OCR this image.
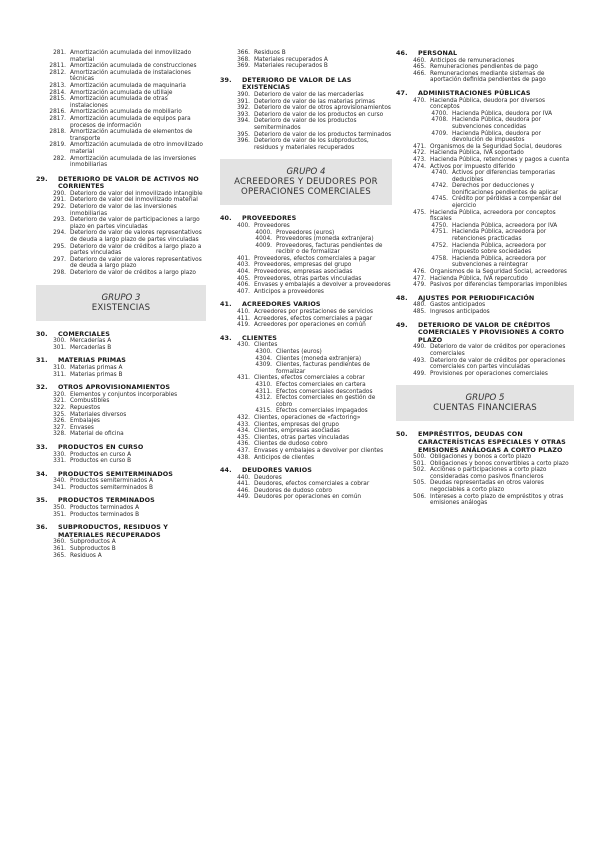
281. Amortización acumulada del inmovilizado material
2811. Amortización acumulada de construcciones
2812. Amortización acumulada de instalaciones técnicas
2813. Amortización acumulada de maquinaria
2814. Amortización acumulada de utillaje
2815. Amortización acumulada de otras instalaciones
2816. Amortización acumulada de mobiliario
2817. Amortización acumulada de equipos para procesos de información
2818. Amortización acumulada de elementos de transporte
2819. Amortización acumulada de otro inmovilizado material
282. Amortización acumulada de las inversiones inmobiliarias
29.	DETERIORO DE VALOR DE ACTIVOS NO CORRIENTES
290. Deterioro de valor del inmovilizado intangible
291. Deterioro de valor del inmovilizado material
292. Deterioro de valor de las inversiones inmobiliarias
293. Deterioro de valor de participaciones a largo plazo en partes vinculadas
294. Deterioro de valor de valores representativos de deuda a largo plazo de partes vinculadas
295. Deterioro de valor de créditos a largo plazo a partes vinculadas
297. Deterioro de valor de valores representativos de deuda a largo plazo
298. Deterioro de valor de créditos a largo plazo
GRUPO 3
EXISTENCIAS
30.	COMERCIALES
300. Mercaderías A
301. Mercaderías B
31.	MATERIAS PRIMAS
310. Materias primas A
311. Materias primas B
32.	OTROS APROVISIONAMIENTOS
320. Elementos y conjuntos incorporables
321. Combustibles
322. Repuestos
325. Materiales diversos
326. Embalajes
327. Envases
328. Material de oficina
33.	PRODUCTOS EN CURSO
330. Productos en curso A
331. Productos en curso B
34.	PRODUCTOS SEMITERMINADOS
340. Productos semiterminados A
341. Productos semiterminados B
35.	PRODUCTOS TERMINADOS
350. Productos terminados A
351. Productos terminados B
36.	SUBPRODUCTOS, RESIDUOS Y MATERIALES RECUPERADOS
360. Subproductos A
361. Subproductos B
365. Residuos A
366. Residuos B
368. Materiales recuperados A
369. Materiales recuperados B
39.	DETERIORO DE VALOR DE LAS EXISTENCIAS
390. Deterioro de valor de las mercaderías
391. Deterioro de valor de las materias primas
392. Deterioro de valor de otros aprovisionamientos
393. Deterioro de valor de los productos en curso
394. Deterioro de valor de los productos semiterminados
395. Deterioro de valor de los productos terminados
396. Deterioro de valor de los subproductos, residuos y materiales recuperados
GRUPO 4
ACREEDORES Y DEUDORES POR OPERACIONES COMERCIALES
40.	PROVEEDORES
400. Proveedores
4000. Proveedores (euros)
4004. Proveedores (moneda extranjera)
4009. Proveedores, facturas pendientes de recibir o de formalizar
401. Proveedores, efectos comerciales a pagar
403. Proveedores, empresas del grupo
404. Proveedores, empresas asociadas
405. Proveedores, otras partes vinculadas
406. Envases y embalajes a devolver a proveedores
407. Anticipos a proveedores
41.	ACREEDORES VARIOS
410. Acreedores por prestaciones de servicios
411. Acreedores, efectos comerciales a pagar
419. Acreedores por operaciones en común
43.	CLIENTES
430. Clientes
4300. Clientes (euros)
4304. Clientes (moneda extranjera)
4309. Clientes, facturas pendientes de formalizar
431. Clientes, efectos comerciales a cobrar
4310. Efectos comerciales en cartera
4311. Efectos comerciales descontados
4312. Efectos comerciales en gestión de cobro
4315. Efectos comerciales impagados
432. Clientes, operaciones de «factoring»
433. Clientes, empresas del grupo
434. Clientes, empresas asociadas
435. Clientes, otras partes vinculadas
436. Clientes de dudoso cobro
437. Envases y embalajes a devolver por clientes
438. Anticipos de clientes
44.	DEUDORES VARIOS
440. Deudores
441. Deudores, efectos comerciales a cobrar
446. Deudores de dudoso cobro
449. Deudores por operaciones en común
46.	PERSONAL
460. Anticipos de remuneraciones
465. Remuneraciones pendientes de pago
466. Remuneraciones mediante sistemas de aportación definida pendientes de pago
47.	ADMINISTRACIONES PÚBLICAS
470. Hacienda Pública, deudora por diversos conceptos
4700. Hacienda Pública, deudora por IVA
4708. Hacienda Pública, deudora por subvenciones concedidas
4709. Hacienda Pública, deudora por devolución de impuestos
471. Organismos de la Seguridad Social, deudores
472. Hacienda Pública, IVA soportado
473. Hacienda Pública, retenciones y pagos a cuenta
474. Activos por impuesto diferido
4740. Activos por diferencias temporarias deducibles
4742. Derechos por deducciones y bonificaciones pendientes de aplicar
4745. Crédito por pérdidas a compensar del ejercicio
475. Hacienda Pública, acreedora por conceptos fiscales
4750. Hacienda Pública, acreedora por IVA
4751. Hacienda Pública, acreedora por retenciones practicadas
4752. Hacienda Pública, acreedora por impuesto sobre sociedades
4758. Hacienda Pública, acreedora por subvenciones a reintegrar
476. Organismos de la Seguridad Social, acreedores
477. Hacienda Pública, IVA repercutido
479. Pasivos por diferencias temporarias imponibles
48.	AJUSTES POR PERIODIFICACIÓN
480. Gastos anticipados
485. Ingresos anticipados
49.	DETERIORO DE VALOR DE CRÉDITOS COMERCIALES Y PROVISIONES A CORTO PLAZO
490. Deterioro de valor de créditos por operaciones comerciales
493. Deterioro de valor de créditos por operaciones comerciales con partes vinculadas
499. Provisiones por operaciones comerciales
GRUPO 5
CUENTAS FINANCIERAS
50.	EMPRÉSTITOS, DEUDAS CON CARACTERÍSTICAS ESPECIALES Y OTRAS EMISIONES ANÁLOGAS A CORTO PLAZO
500. Obligaciones y bonos a corto plazo
501. Obligaciones y bonos convertibles a corto plazo
502. Acciones o participaciones a corto plazo consideradas como pasivos financieros
505. Deudas representadas en otros valores negociables a corto plazo
506. Intereses a corto plazo de empréstitos y otras emisiones análogas
